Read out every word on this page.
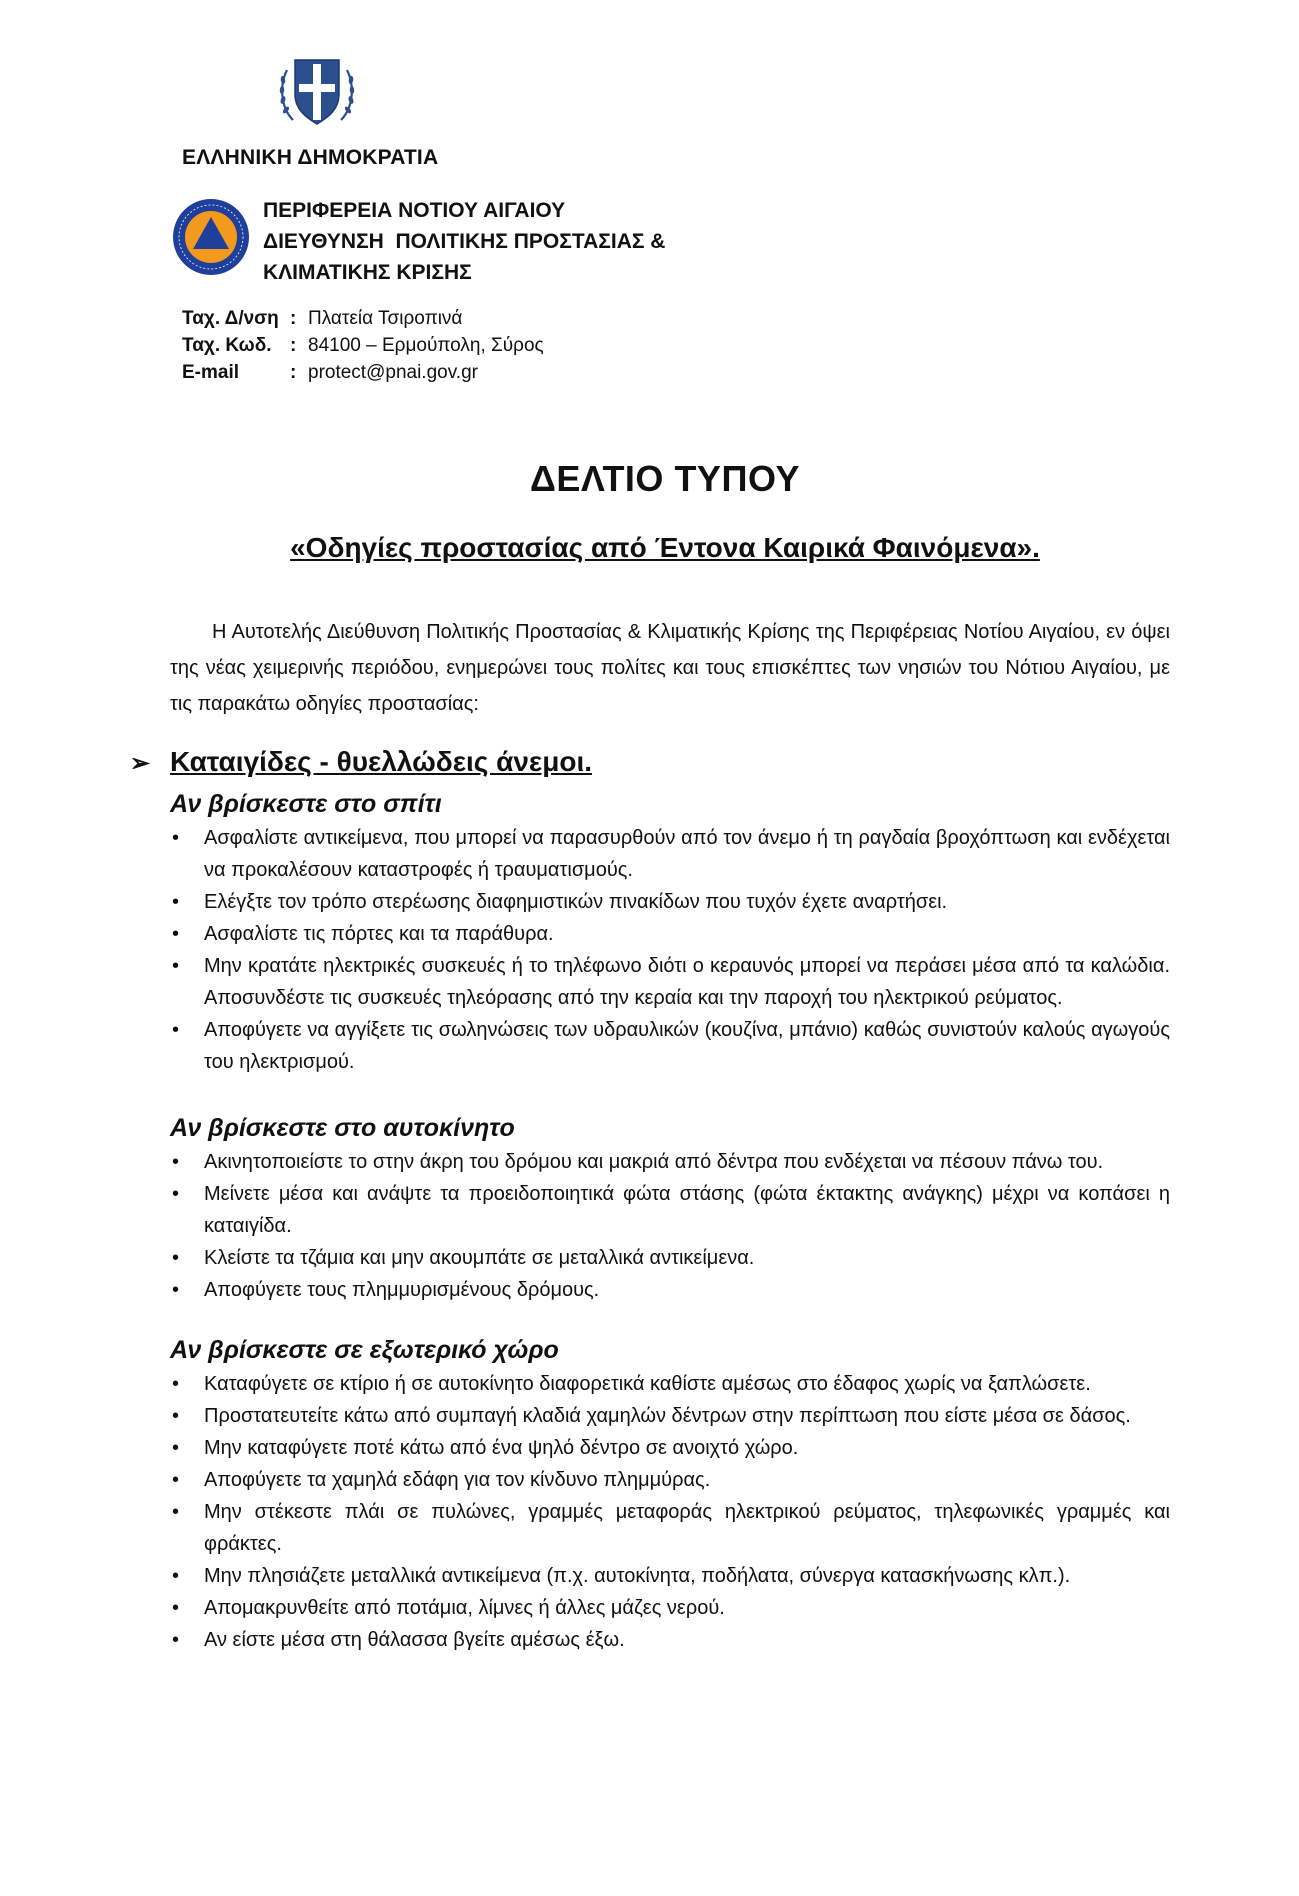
ΕΛΛΗΝΙΚΗ ΔΗΜΟΚΡΑΤΙΑ
ΠΕΡΙΦΕΡΕΙΑ ΝΟΤΙΟΥ ΑΙΓΑΙΟΥ
ΔΙΕΥΘΥΝΣΗ  ΠΟΛΙΤΙΚΗΣ ΠΡΟΣΤΑΣΙΑΣ &
ΚΛΙΜΑΤΙΚΗΣ ΚΡΙΣΗΣ
Ταχ. Δ/νση : Πλατεία Τσιροπινά
Ταχ. Κωδ. : 84100 – Ερμούπολη, Σύρος
E-mail	: protect@pnai.gov.gr
ΔΕΛΤΙΟ ΤΥΠΟΥ
«Οδηγίες προστασίας από Έντονα Καιρικά Φαινόμενα».

Η Αυτοτελής Διεύθυνση Πολιτικής Προστασίας & Κλιματικής Κρίσης της Περιφέρειας Νοτίου Αιγαίου, εν όψει της νέας χειμερινής περιόδου, ενημερώνει τους πολίτες και τους επισκέπτες των νησιών του Νότιου Αιγαίου, με τις παρακάτω οδηγίες προστασίας:

➢ Καταιγίδες - θυελλώδεις άνεμοι.
Αν βρίσκεστε στο σπίτι
• Ασφαλίστε αντικείμενα, που μπορεί να παρασυρθούν από τον άνεμο ή τη ραγδαία βροχόπτωση και ενδέχεται να προκαλέσουν καταστροφές ή τραυματισμούς.
• Ελέγξτε τον τρόπο στερέωσης διαφημιστικών πινακίδων που τυχόν έχετε αναρτήσει.
• Ασφαλίστε τις πόρτες και τα παράθυρα.
• Μην κρατάτε ηλεκτρικές συσκευές ή το τηλέφωνο διότι ο κεραυνός μπορεί να περάσει μέσα από τα καλώδια. Αποσυνδέστε τις συσκευές τηλεόρασης από την κεραία και την παροχή του ηλεκτρικού ρεύματος.
• Αποφύγετε να αγγίξετε τις σωληνώσεις των υδραυλικών (κουζίνα, μπάνιο) καθώς συνιστούν καλούς αγωγούς του ηλεκτρισμού.
Αν βρίσκεστε στο αυτοκίνητο
• Ακινητοποιείστε το στην άκρη του δρόμου και μακριά από δέντρα που ενδέχεται να πέσουν πάνω του.
• Μείνετε μέσα και ανάψτε τα προειδοποιητικά φώτα στάσης (φώτα έκτακτης ανάγκης) μέχρι να κοπάσει η καταιγίδα.
• Κλείστε τα τζάμια και μην ακουμπάτε σε μεταλλικά αντικείμενα.
• Αποφύγετε τους πλημμυρισμένους δρόμους.
Αν βρίσκεστε σε εξωτερικό χώρο
• Καταφύγετε σε κτίριο ή σε αυτοκίνητο διαφορετικά καθίστε αμέσως στο έδαφος χωρίς να ξαπλώσετε.
• Προστατευτείτε κάτω από συμπαγή κλαδιά χαμηλών δέντρων στην περίπτωση που είστε μέσα σε δάσος.
• Μην καταφύγετε ποτέ κάτω από ένα ψηλό δέντρο σε ανοιχτό χώρο.
• Αποφύγετε τα χαμηλά εδάφη για τον κίνδυνο πλημμύρας.
• Μην στέκεστε πλάι σε πυλώνες, γραμμές μεταφοράς ηλεκτρικού ρεύματος, τηλεφωνικές γραμμές και φράκτες.
• Μην πλησιάζετε μεταλλικά αντικείμενα (π.χ. αυτοκίνητα, ποδήλατα, σύνεργα κατασκήνωσης κλπ.).
• Απομακρυνθείτε από ποτάμια, λίμνες ή άλλες μάζες νερού.
• Αν είστε μέσα στη θάλασσα βγείτε αμέσως έξω.
